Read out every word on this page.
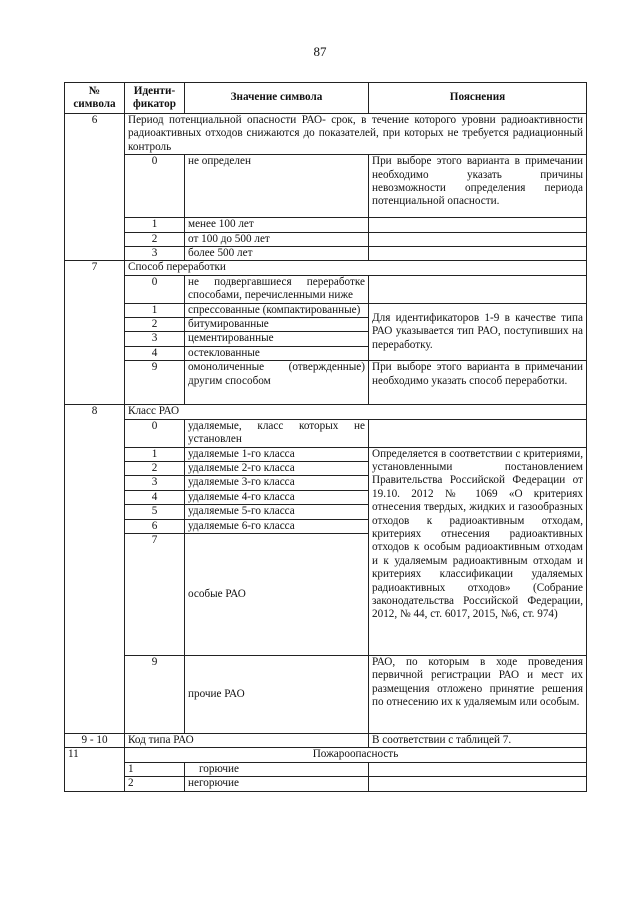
87
№ символа	Иденти-фикатор	Значение символа	Пояснения
6	Период потенциальной опасности РАО- срок, в течение которого уровни радиоактивности радиоактивных отходов снижаются до показателей, при которых не требуется радиационный контроль		
	0	не определен	При выборе этого варианта в примечании необходимо указать причины невозможности определения периода потенциальной опасности.
	1	менее 100 лет	
	2	от 100 до 500 лет	
	3	более 500 лет	
7	Способ переработки		
	0	не подвергавшиеся переработке способами, перечисленными ниже	
	1	спрессованные (компактированные)	Для идентификаторов 1-9 в качестве типа РАО указывается тип РАО, поступивших на переработку.
	2	битумированные	
	3	цементированные	
	4	остеклованные	
	9	омоноличенные (отвержденные) другим способом	При выборе этого варианта в примечании необходимо указать способ переработки.
8	Класс РАО		
	0	удаляемые, класс которых не установлен	
	1	удаляемые 1-го класса	Определяется в соответствии с критериями, установленными постановлением Правительства Российской Федерации от 19.10. 2012 № 1069 «О критериях отнесения твердых, жидких и газообразных отходов к радиоактивным отходам, критериях отнесения радиоактивных отходов к особым радиоактивным отходам и к удаляемым радиоактивным отходам и критериях классификации удаляемых радиоактивных отходов» (Собрание законодательства Российской Федерации, 2012, № 44, ст. 6017, 2015, №6, ст. 974)
	2	удаляемые 2-го класса	
	3	удаляемые 3-го класса	
	4	удаляемые 4-го класса	
	5	удаляемые 5-го класса	
	6	удаляемые 6-го класса	
	7	особые РАО	
	9	прочие РАО	РАО, по которым в ходе проведения первичной регистрации РАО и мест их размещения отложено принятие решения по отнесению их к удаляемым или особым.
9 - 10	Код типа РАО		В соответствии с таблицей 7.
11	Пожароопасность		
	1	горючие	
	2	негорючие	
